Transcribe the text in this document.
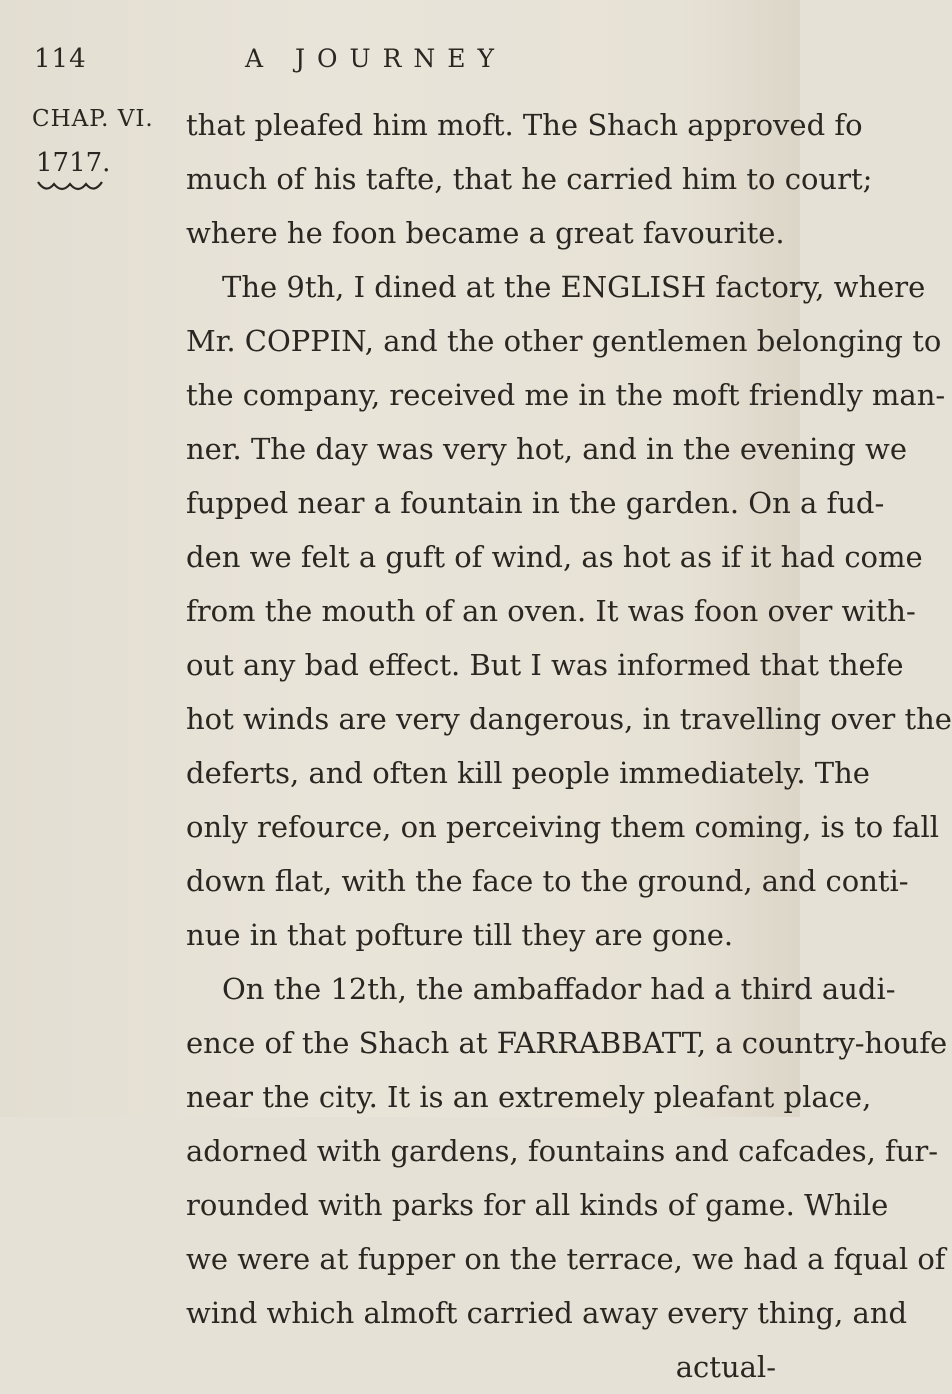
114	A JOURNEY
CHAP. VI.
1717.
that pleafed him moft. The Shach approved fo
much of his tafte, that he carried him to court;
where he foon became a great favourite.
The 9th, I dined at the ENGLISH factory, where
Mr. COPPIN, and the other gentlemen belonging to
the company, received me in the moft friendly man-
ner. The day was very hot, and in the evening we
fupped near a fountain in the garden. On a fud-
den we felt a guft of wind, as hot as if it had come
from the mouth of an oven. It was foon over with-
out any bad effect. But I was informed that thefe
hot winds are very dangerous, in travelling over the
deferts, and often kill people immediately. The
only refource, on perceiving them coming, is to fall
down flat, with the face to the ground, and conti-
nue in that pofture till they are gone.
On the 12th, the ambaffador had a third audi-
ence of the Shach at FARRABBATT, a country-houfe
near the city. It is an extremely pleafant place,
adorned with gardens, fountains and cafcades, fur-
rounded with parks for all kinds of game. While
we were at fupper on the terrace, we had a fqual of
wind which almoft carried away every thing, and
actual-
